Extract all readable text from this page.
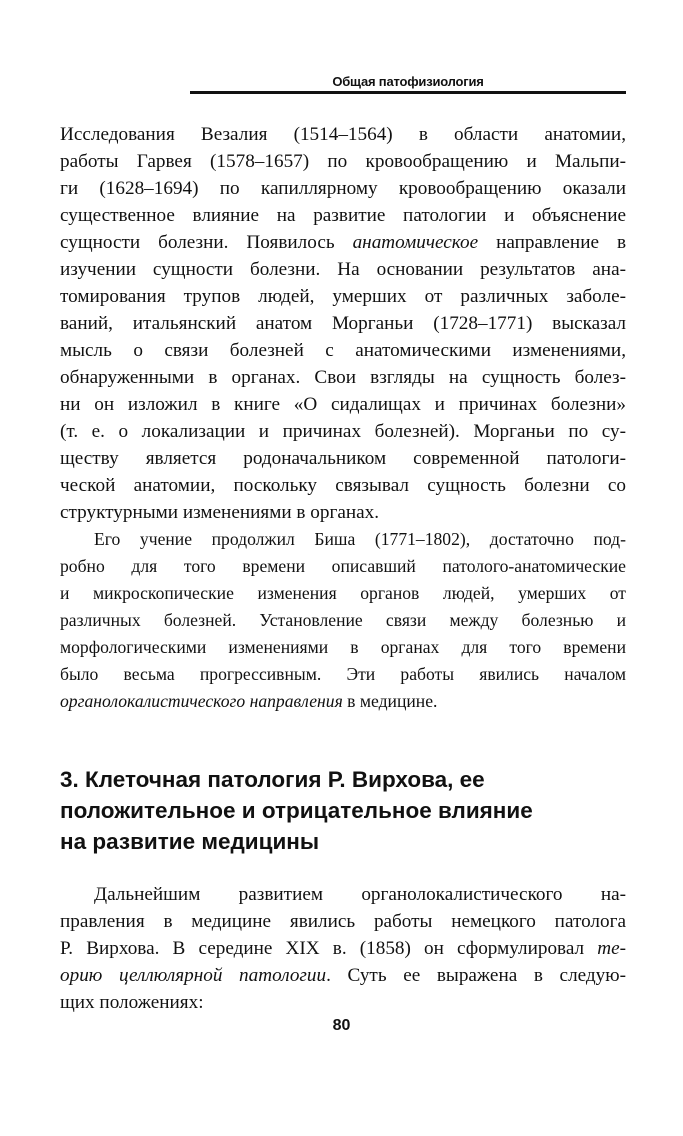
Общая патофизиология
Исследования Везалия (1514–1564) в области анатомии,
работы Гарвея (1578–1657) по кровообращению и Мальпи-
ги (1628–1694) по капиллярному кровообращению оказали
существенное влияние на развитие патологии и объяснение
сущности болезни. Появилось анатомическое направление в
изучении сущности болезни. На основании результатов ана-
томирования трупов людей, умерших от различных заболе-
ваний, итальянский анатом Морганьи (1728–1771) высказал
мысль о связи болезней с анатомическими изменениями,
обнаруженными в органах. Свои взгляды на сущность болез-
ни он изложил в книге «О сидалищах и причинах болезни»
(т. е. о локализации и причинах болезней). Морганьи по су-
ществу является родоначальником современной патологи-
ческой анатомии, поскольку связывал сущность болезни со
структурными изменениями в органах.
Его учение продолжил Биша (1771–1802), достаточно под-
робно для того времени описавший патолого-анатомические
и микроскопические изменения органов людей, умерших от
различных болезней. Установление связи между болезнью и
морфологическими изменениями в органах для того времени
было весьма прогрессивным. Эти работы явились началом
органолокалистического направления в медицине.
3. Клеточная патология Р. Вирхова, ее
положительное и отрицательное влияние
на развитие медицины
Дальнейшим развитием органолокалистического на-
правления в медицине явились работы немецкого патолога
Р. Вирхова. В середине XIX в. (1858) он сформулировал те-
орию целлюлярной патологии. Суть ее выражена в следую-
щих положениях:
80
